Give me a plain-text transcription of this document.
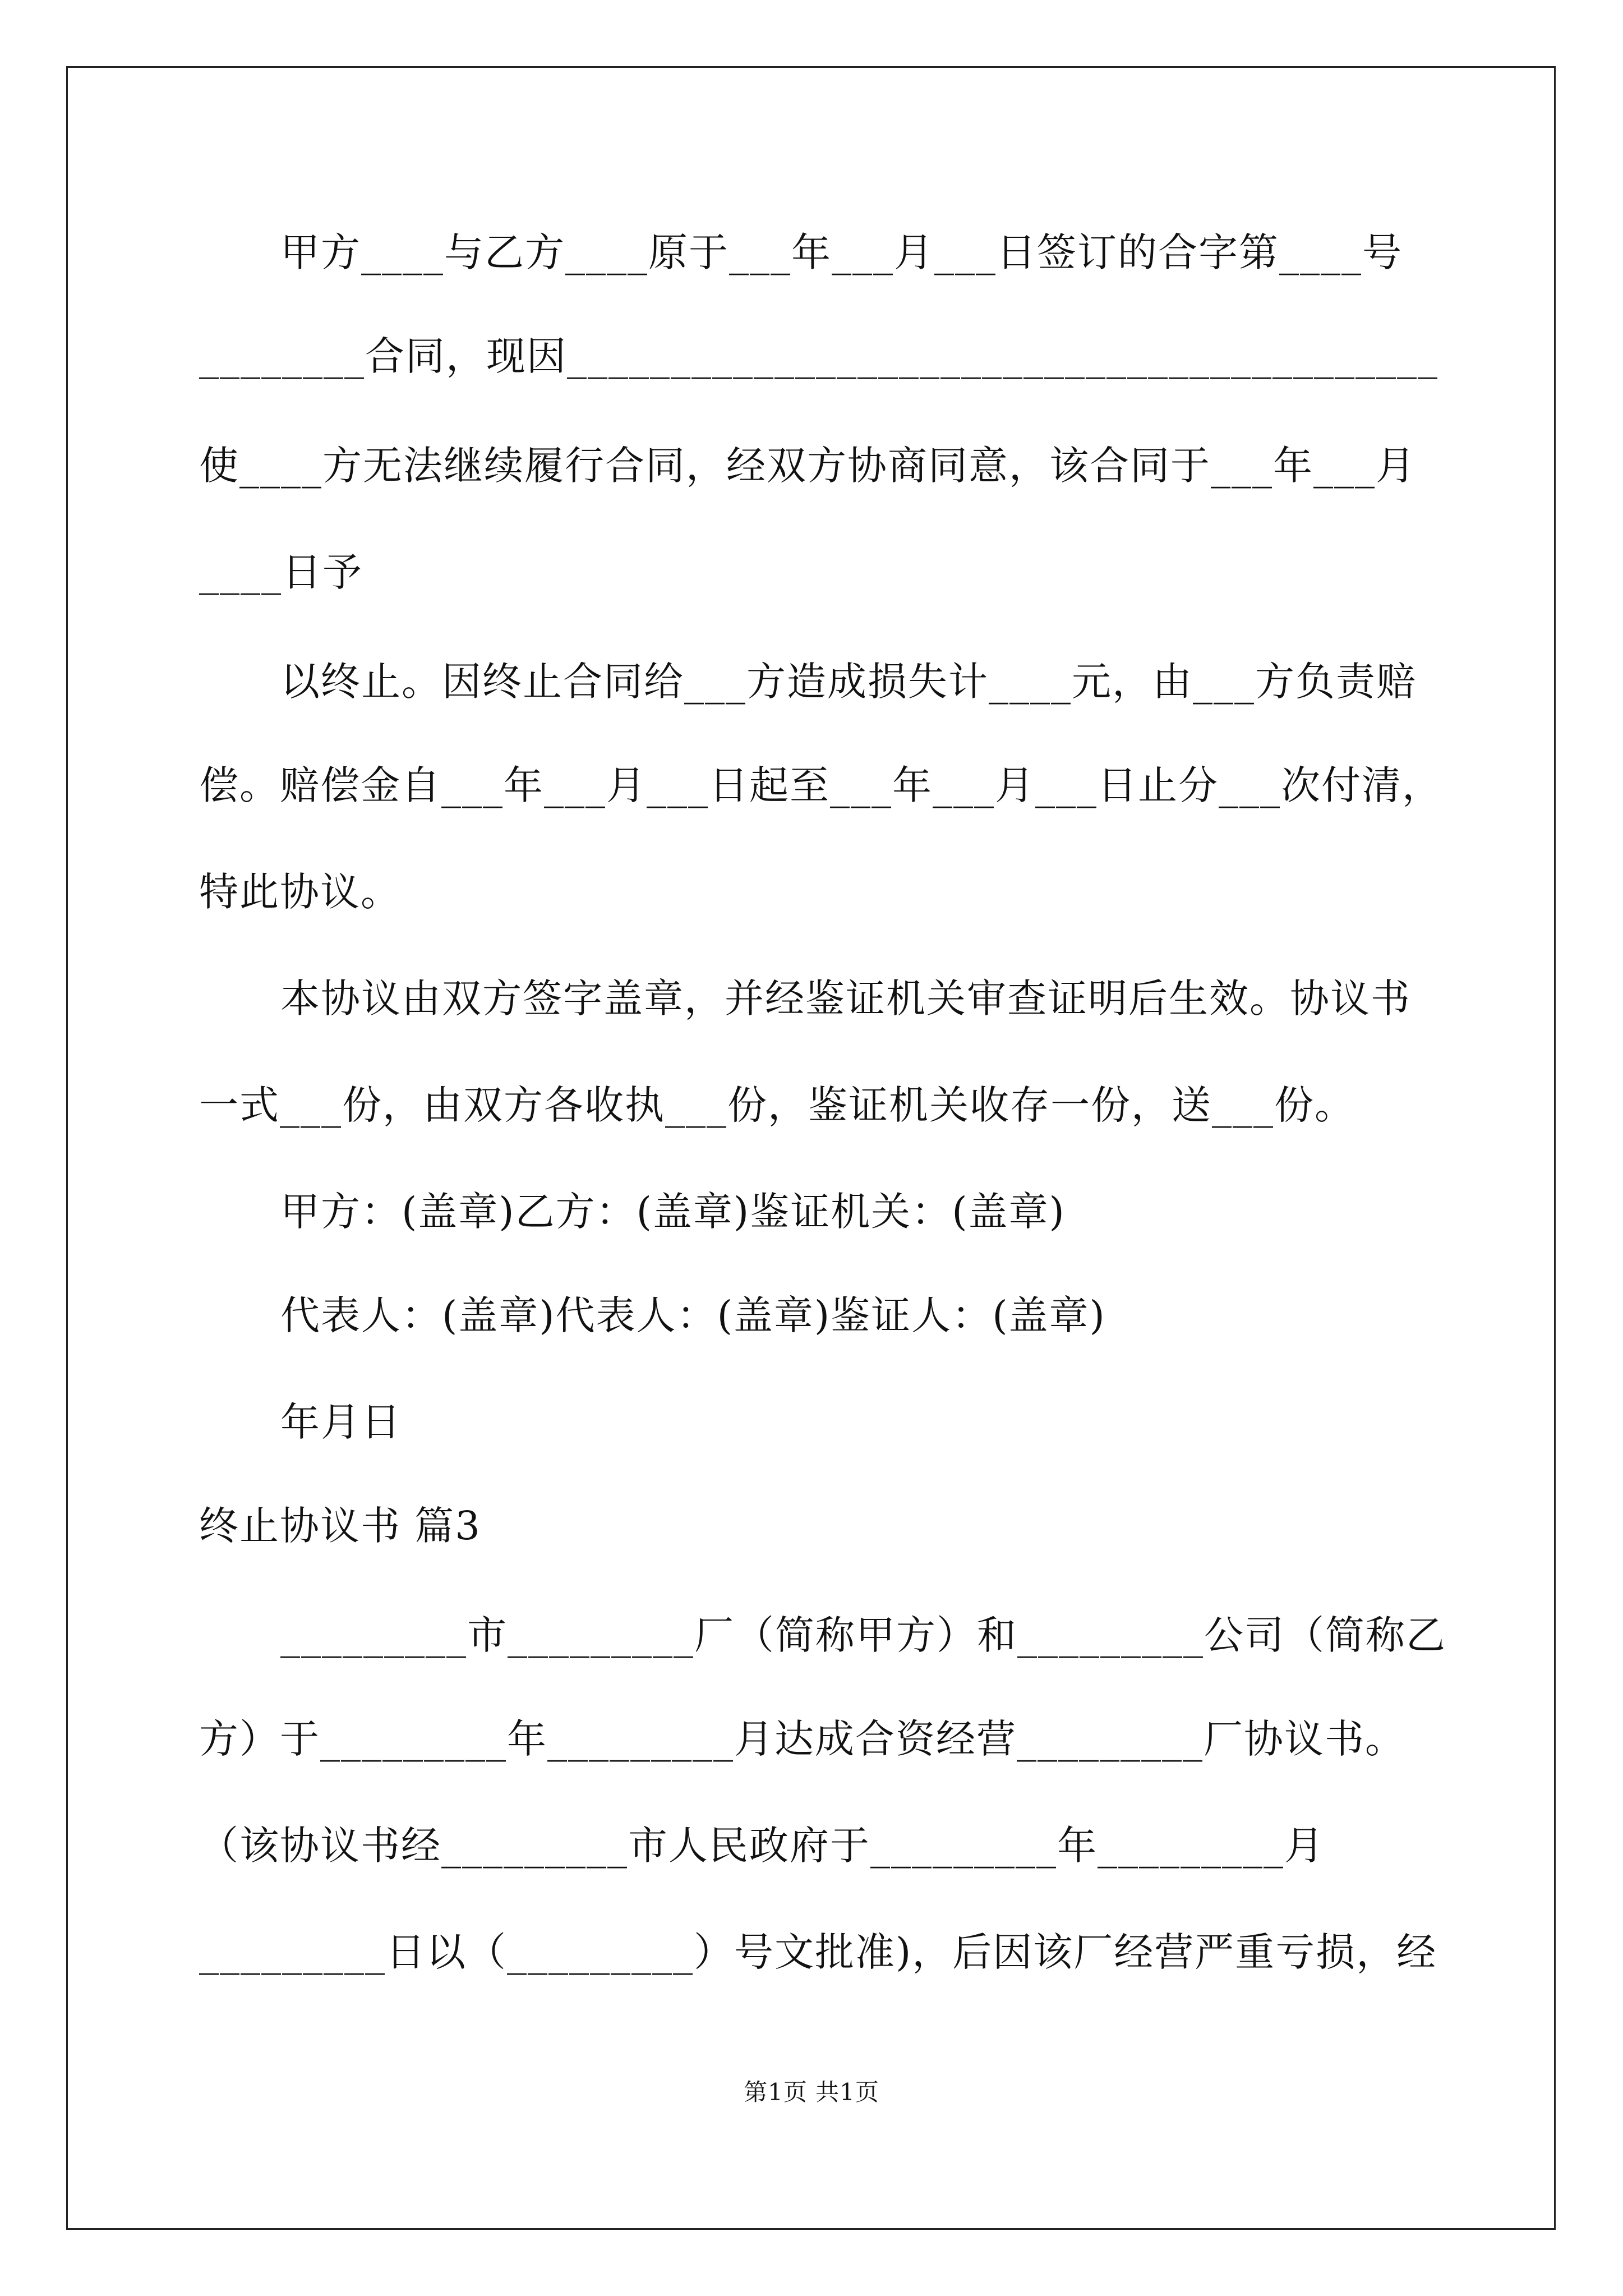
甲方____与乙方____原于___年___月___日签订的合字第____号

________合同，现因__________________________________________

使____方无法继续履行合同，经双方协商同意，该合同于___年___月

____日予

以终止。因终止合同给___方造成损失计____元，由___方负责赔

偿。赔偿金自___年___月___日起至___年___月___日止分___次付清，

特此协议。

本协议由双方签字盖章，并经鉴证机关审查证明后生效。协议书

一式___份，由双方各收执___份，鉴证机关收存一份，送___份。

甲方：(盖章)乙方：(盖章)鉴证机关：(盖章)

代表人：(盖章)代表人：(盖章)鉴证人：(盖章)

年月日

终止协议书 篇3

_________市_________厂（简称甲方）和_________公司（简称乙

方）于_________年_________月达成合资经营_________厂协议书。

（该协议书经_________市人民政府于_________年_________月

_________日以（_________）号文批准)，后因该厂经营严重亏损，经

第1页 共1页
